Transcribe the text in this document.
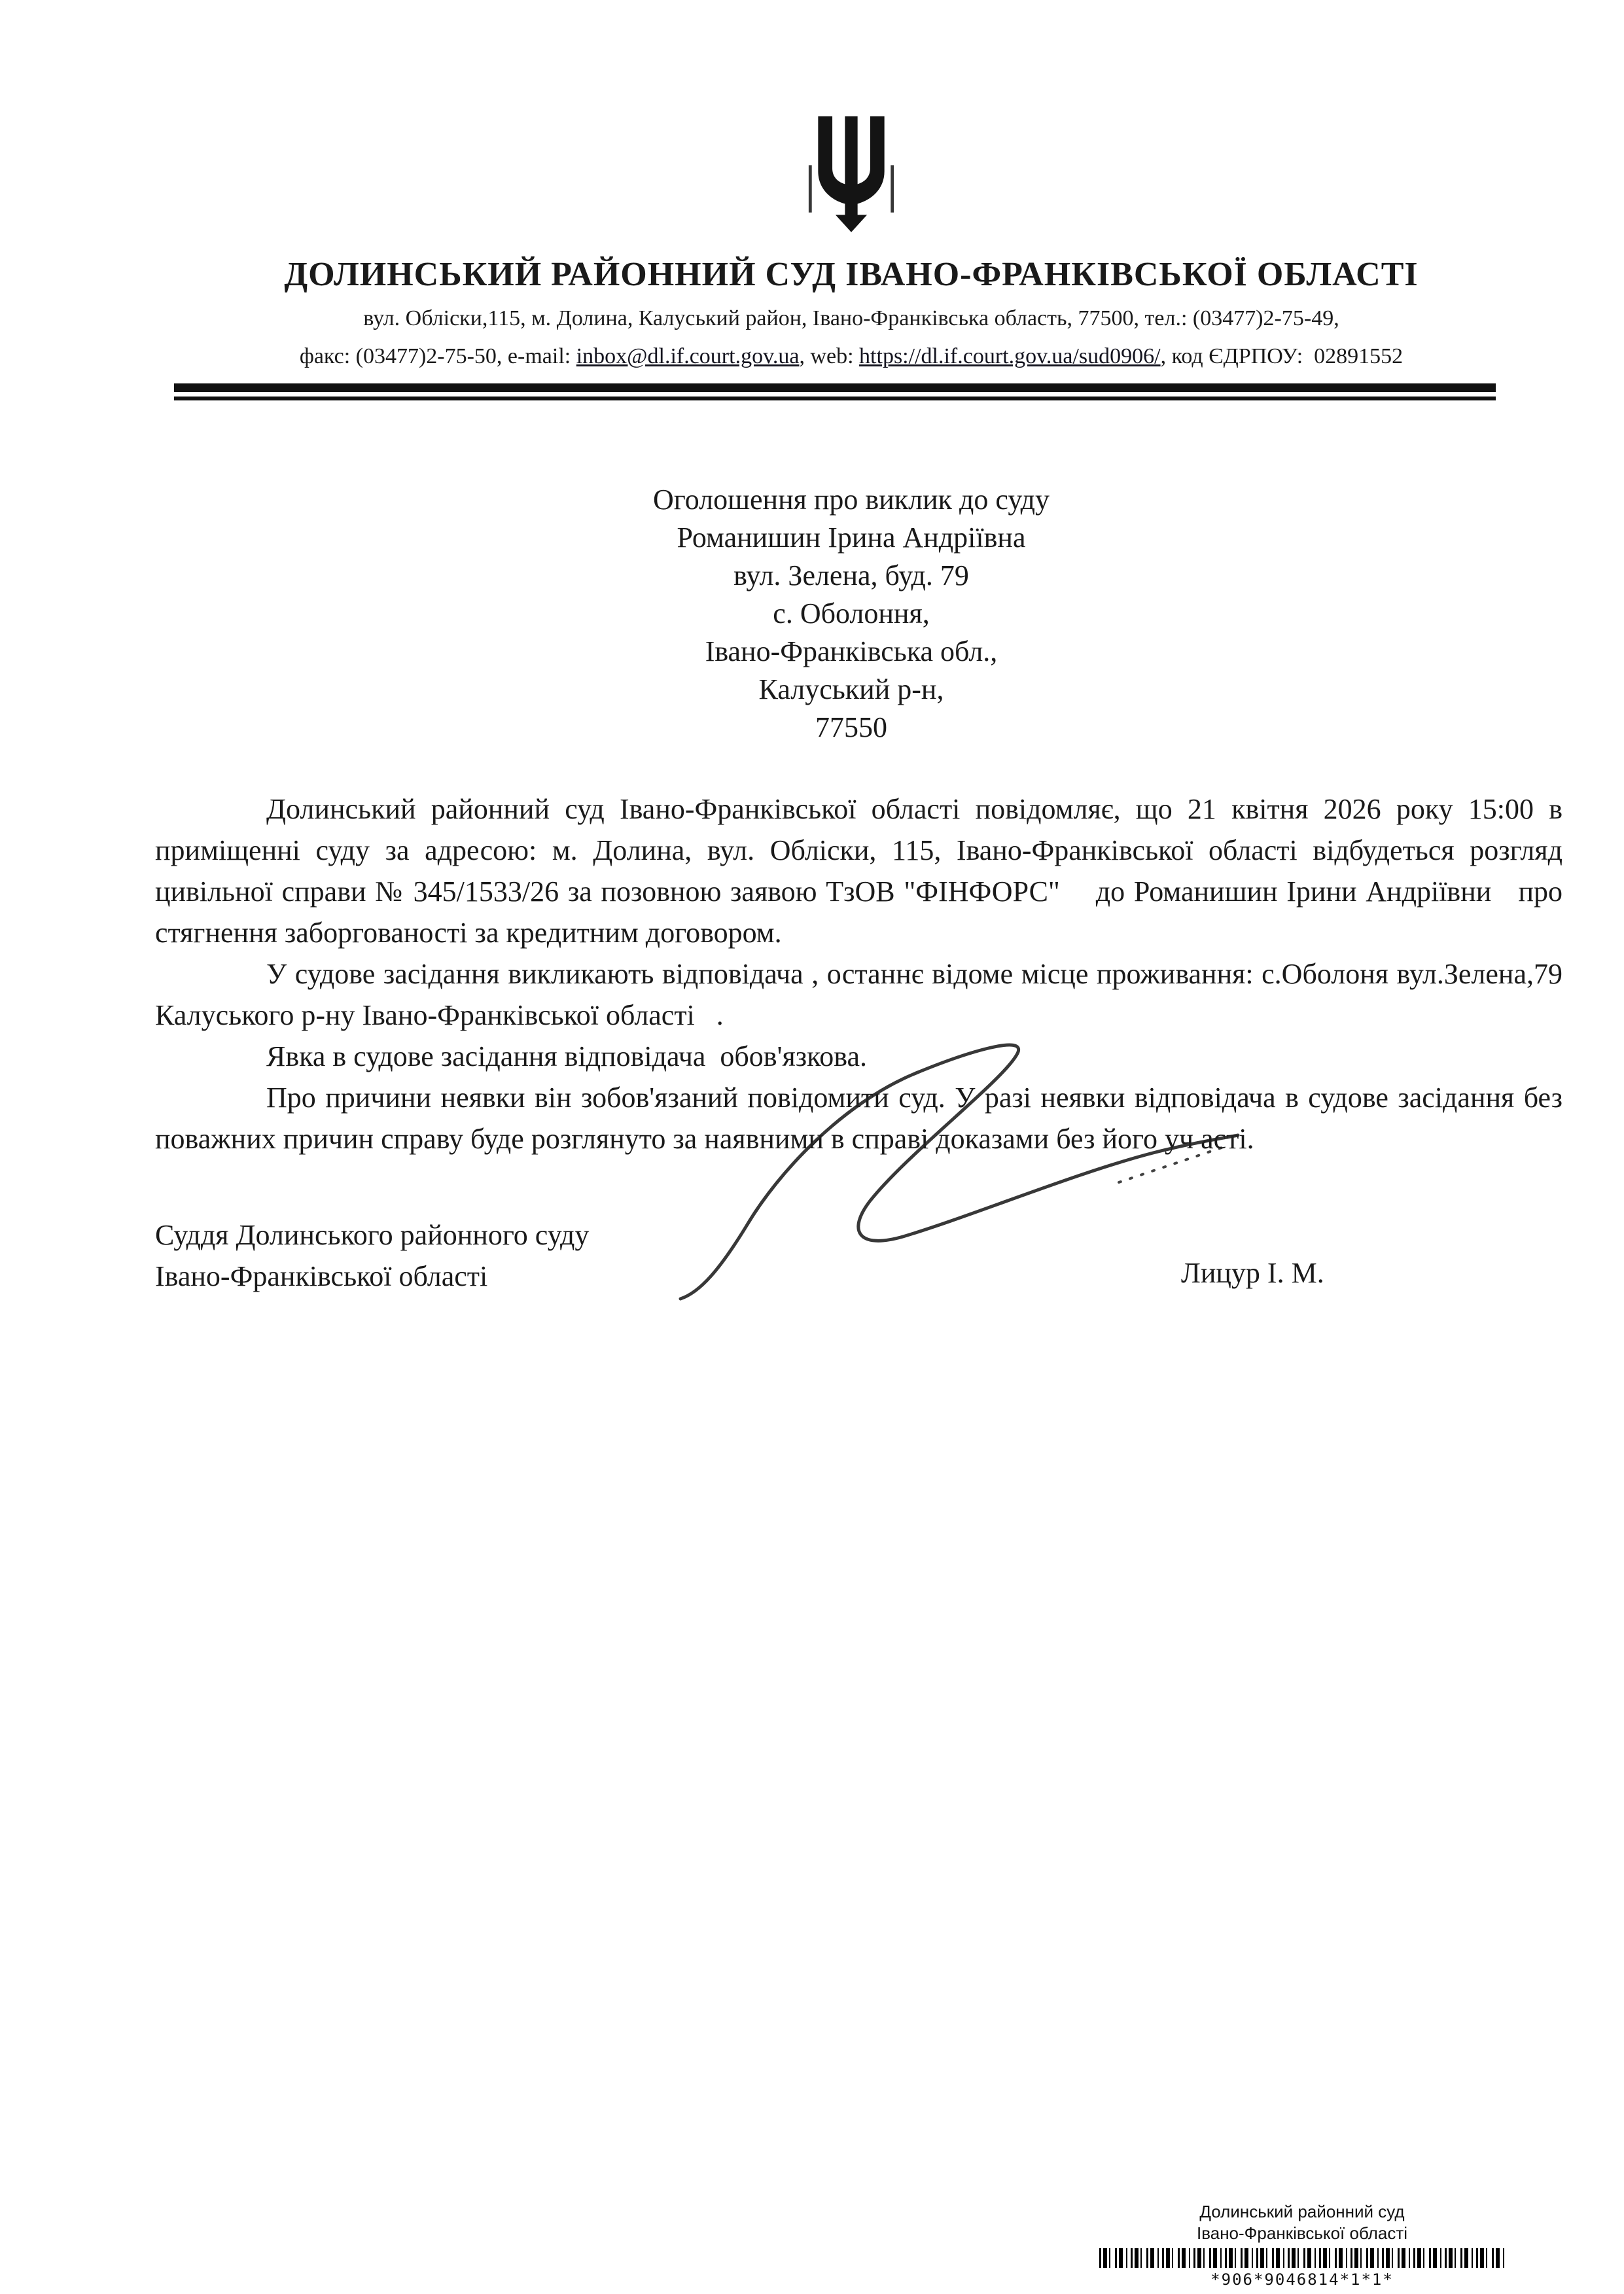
ДОЛИНСЬКИЙ РАЙОННИЙ СУД ІВАНО-ФРАНКІВСЬКОЇ ОБЛАСТІ
вул. Обліски,115, м. Долина, Калуський район, Івано-Франківська область, 77500, тел.: (03477)2-75-49,
факс: (03477)2-75-50, e-mail: inbox@dl.if.court.gov.ua, web: https://dl.if.court.gov.ua/sud0906/, код ЄДРПОУ:  02891552
Оголошення про виклик до суду
Романишин Ірина Андріївна
вул. Зелена, буд. 79
с. Оболоння,
Івано-Франківська обл.,
Калуський р-н,
77550

Долинський районний суд Івано-Франківської області повідомляє, що 21 квітня 2026 року 15:00 в приміщенні суду за адресою: м. Долина, вул. Обліски, 115, Івано-Франківської області відбудеться розгляд цивільної справи № 345/1533/26 за позовною заявою ТзОВ "ФІНФОРС"    до Романишин Ірини Андріївни   про стягнення заборгованості за кредитним договором.

У судове засідання викликають відповідача , останнє відоме місце проживання: с.Оболоня вул.Зелена,79 Калуського р-ну Івано-Франківської області   .

Явка в судове засідання відповідача  обов'язкова.

Про причини неявки він зобов'язаний повідомити суд. У разі неявки відповідача в судове засідання без поважних причин справу буде розглянуто за наявними в справі доказами без його уч асті.

Суддя Долинського районного суду
Івано-Франківської області	Лицур І. М.
Долинський районний суд
Івано-Франківської області
*906*9046814*1*1*
